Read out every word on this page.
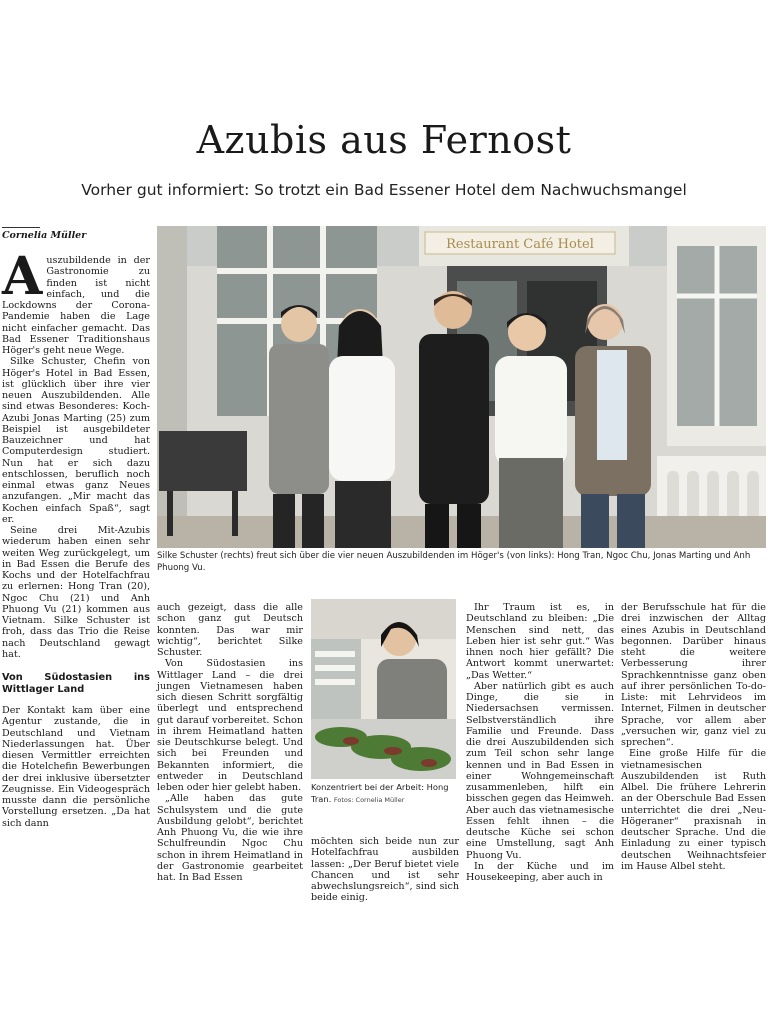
Azubis aus Fernost

Vorher gut informiert: So trotzt ein Bad Essener Hotel dem Nachwuchsmangel

Cornelia Müller
Restaurant Café Hotel
Silke Schuster (rechts) freut sich über die vier neuen Auszubildenden im Höger's (von links): Hong Tran, Ngoc Chu, Jonas Marting und Anh Phuong Vu.

Auszubildende in der Gastronomie zu finden ist nicht einfach, und die Lockdowns der Corona-Pandemie haben die Lage nicht einfacher gemacht. Das Bad Essener Traditionshaus Höger's geht neue Wege.

Silke Schuster, Chefin von Höger's Hotel in Bad Essen, ist glücklich über ihre vier neuen Auszubildenden. Alle sind etwas Besonderes: Koch-Azubi Jonas Marting (25) zum Beispiel ist ausgebildeter Bauzeichner und hat Computerdesign studiert. Nun hat er sich dazu entschlossen, beruflich noch einmal etwas ganz Neues anzufangen. „Mir macht das Kochen einfach Spaß“, sagt er.

Seine drei Mit-Azubis wiederum haben einen sehr weiten Weg zurückgelegt, um in Bad Essen die Berufe des Kochs und der Hotelfachfrau zu erlernen: Hong Tran (20), Ngoc Chu (21) und Anh Phuong Vu (21) kommen aus Vietnam. Silke Schuster ist froh, dass das Trio die Reise nach Deutschland gewagt hat.

Von Südostasien ins Wittlager Land

Der Kontakt kam über eine Agentur zustande, die in Deutschland und Vietnam Niederlassungen hat. Über diesen Vermittler erreichten die Hotelchefin Bewerbungen der drei inklusive übersetzter Zeugnisse. Ein Videogespräch musste dann die persönliche Vorstellung ersetzen. „Da hat sich dann

auch gezeigt, dass die alle schon ganz gut Deutsch konnten. Das war mir wichtig“, berichtet Silke Schuster.

Von Südostasien ins Wittlager Land – die drei jungen Vietnamesen haben sich diesen Schritt sorgfältig überlegt und entsprechend gut darauf vorbereitet. Schon in ihrem Heimatland hatten sie Deutschkurse belegt. Und sich bei Freunden und Bekannten informiert, die entweder in Deutschland leben oder hier gelebt haben.

„Alle haben das gute Schulsystem und die gute Ausbildung gelobt“, berichtet Anh Phuong Vu, die wie ihre Schulfreundin Ngoc Chu schon in ihrem Heimatland in der Gastronomie gearbeitet hat. In Bad Essen

Konzentriert bei der Arbeit: Hong Tran. Fotos: Cornelia Müller

möchten sich beide nun zur Hotelfachfrau ausbilden lassen: „Der Beruf bietet viele Chancen und ist sehr abwechslungsreich“, sind sich beide einig.

Ihr Traum ist es, in Deutschland zu bleiben: „Die Menschen sind nett, das Leben hier ist sehr gut.“ Was ihnen noch hier gefällt? Die Antwort kommt unerwartet: „Das Wetter.“

Aber natürlich gibt es auch Dinge, die sie in Niedersachsen vermissen. Selbstverständlich ihre Familie und Freunde. Dass die drei Auszubildenden sich zum Teil schon sehr lange kennen und in Bad Essen in einer Wohngemeinschaft zusammenleben, hilft ein bisschen gegen das Heimweh. Aber auch das vietnamesische Essen fehlt ihnen – die deutsche Küche sei schon eine Umstellung, sagt Anh Phuong Vu.

In der Küche und im Housekeeping, aber auch in

der Berufsschule hat für die drei inzwischen der Alltag eines Azubis in Deutschland begonnen. Darüber hinaus steht die weitere Verbesserung ihrer Sprachkenntnisse ganz oben auf ihrer persönlichen To-do-Liste: mit Lehrvideos im Internet, Filmen in deutscher Sprache, vor allem aber „versuchen wir, ganz viel zu sprechen“.

Eine große Hilfe für die vietnamesischen Auszubildenden ist Ruth Albel. Die frühere Lehrerin an der Oberschule Bad Essen unterrichtet die drei „Neu-Högeraner“ praxisnah in deutscher Sprache. Und die Einladung zu einer typisch deutschen Weihnachtsfeier im Hause Albel steht.
